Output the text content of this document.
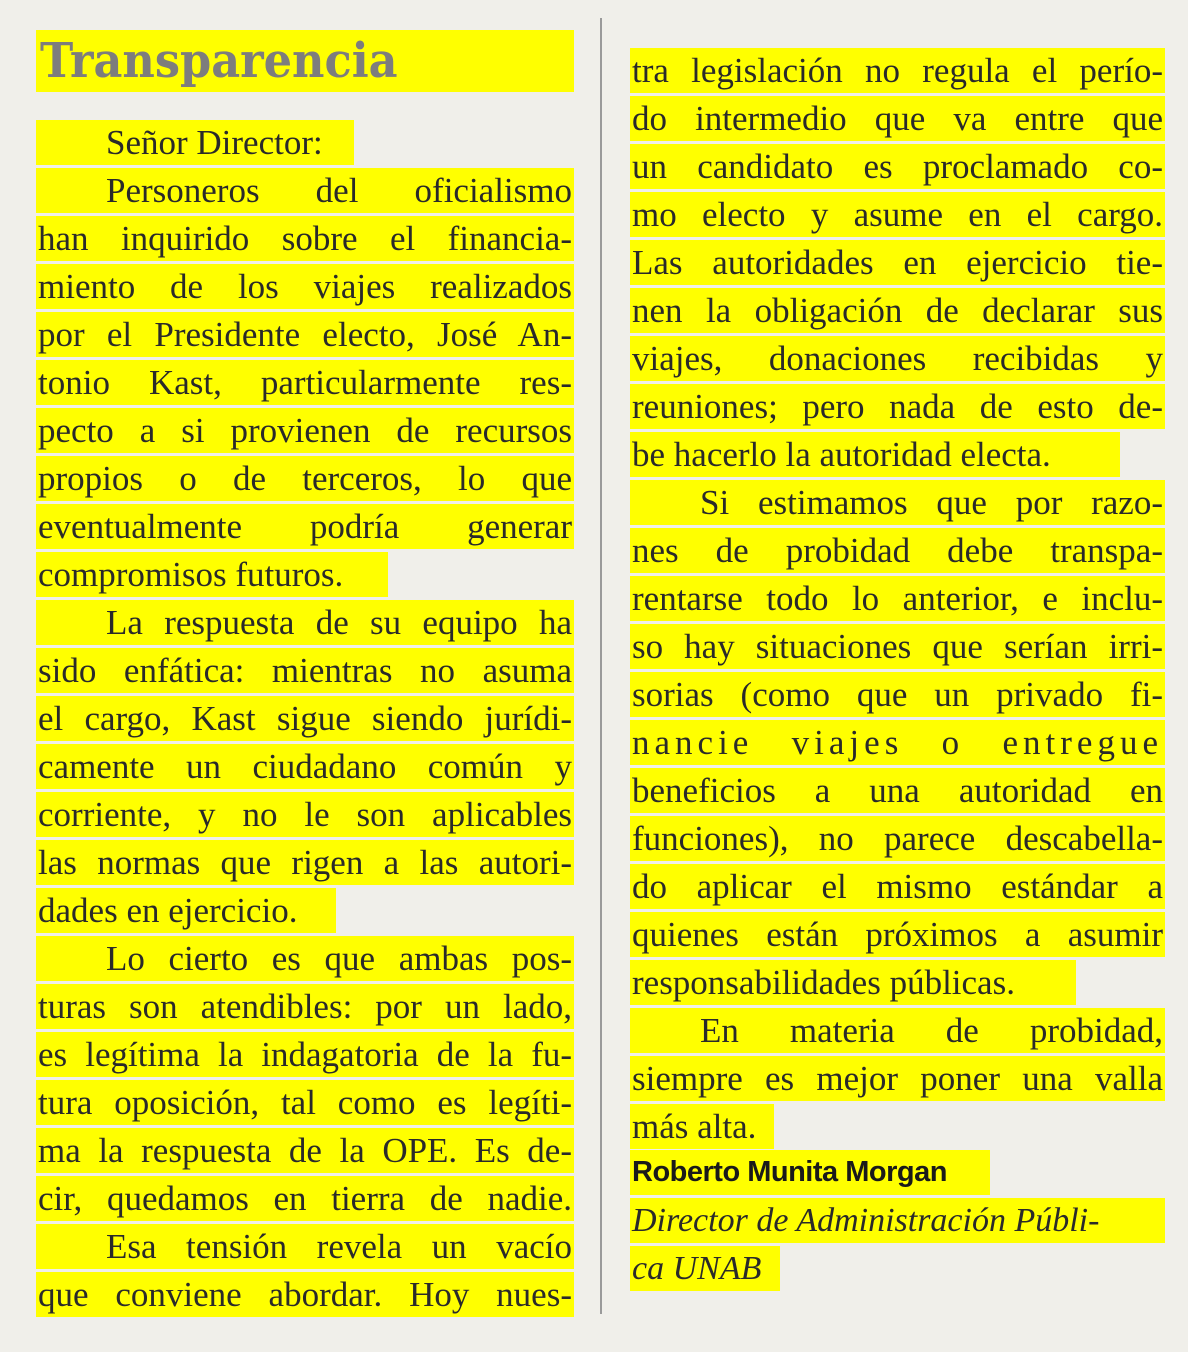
Transparencia
Señor Director:
Personeros del oficialismo
han inquirido sobre el financia-
miento de los viajes realizados
por el Presidente electo, José An-
tonio Kast, particularmente res-
pecto a si provienen de recursos
propios o de terceros, lo que
eventualmente podría generar
compromisos futuros.
La respuesta de su equipo ha
sido enfática: mientras no asuma
el cargo, Kast sigue siendo jurídi-
camente un ciudadano común y
corriente, y no le son aplicables
las normas que rigen a las autori-
dades en ejercicio.
Lo cierto es que ambas pos-
turas son atendibles: por un lado,
es legítima la indagatoria de la fu-
tura oposición, tal como es legíti-
ma la respuesta de la OPE. Es de-
cir, quedamos en tierra de nadie.
Esa tensión revela un vacío
que conviene abordar. Hoy nues-
tra legislación no regula el perío-
do intermedio que va entre que
un candidato es proclamado co-
mo electo y asume en el cargo.
Las autoridades en ejercicio tie-
nen la obligación de declarar sus
viajes, donaciones recibidas y
reuniones; pero nada de esto de-
be hacerlo la autoridad electa.
Si estimamos que por razo-
nes de probidad debe transpa-
rentarse todo lo anterior, e inclu-
so hay situaciones que serían irri-
sorias (como que un privado fi-
nancie viajes o entregue
beneficios a una autoridad en
funciones), no parece descabella-
do aplicar el mismo estándar a
quienes están próximos a asumir
responsabilidades públicas.
En materia de probidad,
siempre es mejor poner una valla
más alta.
Roberto Munita Morgan
Director de Administración Públi-
ca UNAB
